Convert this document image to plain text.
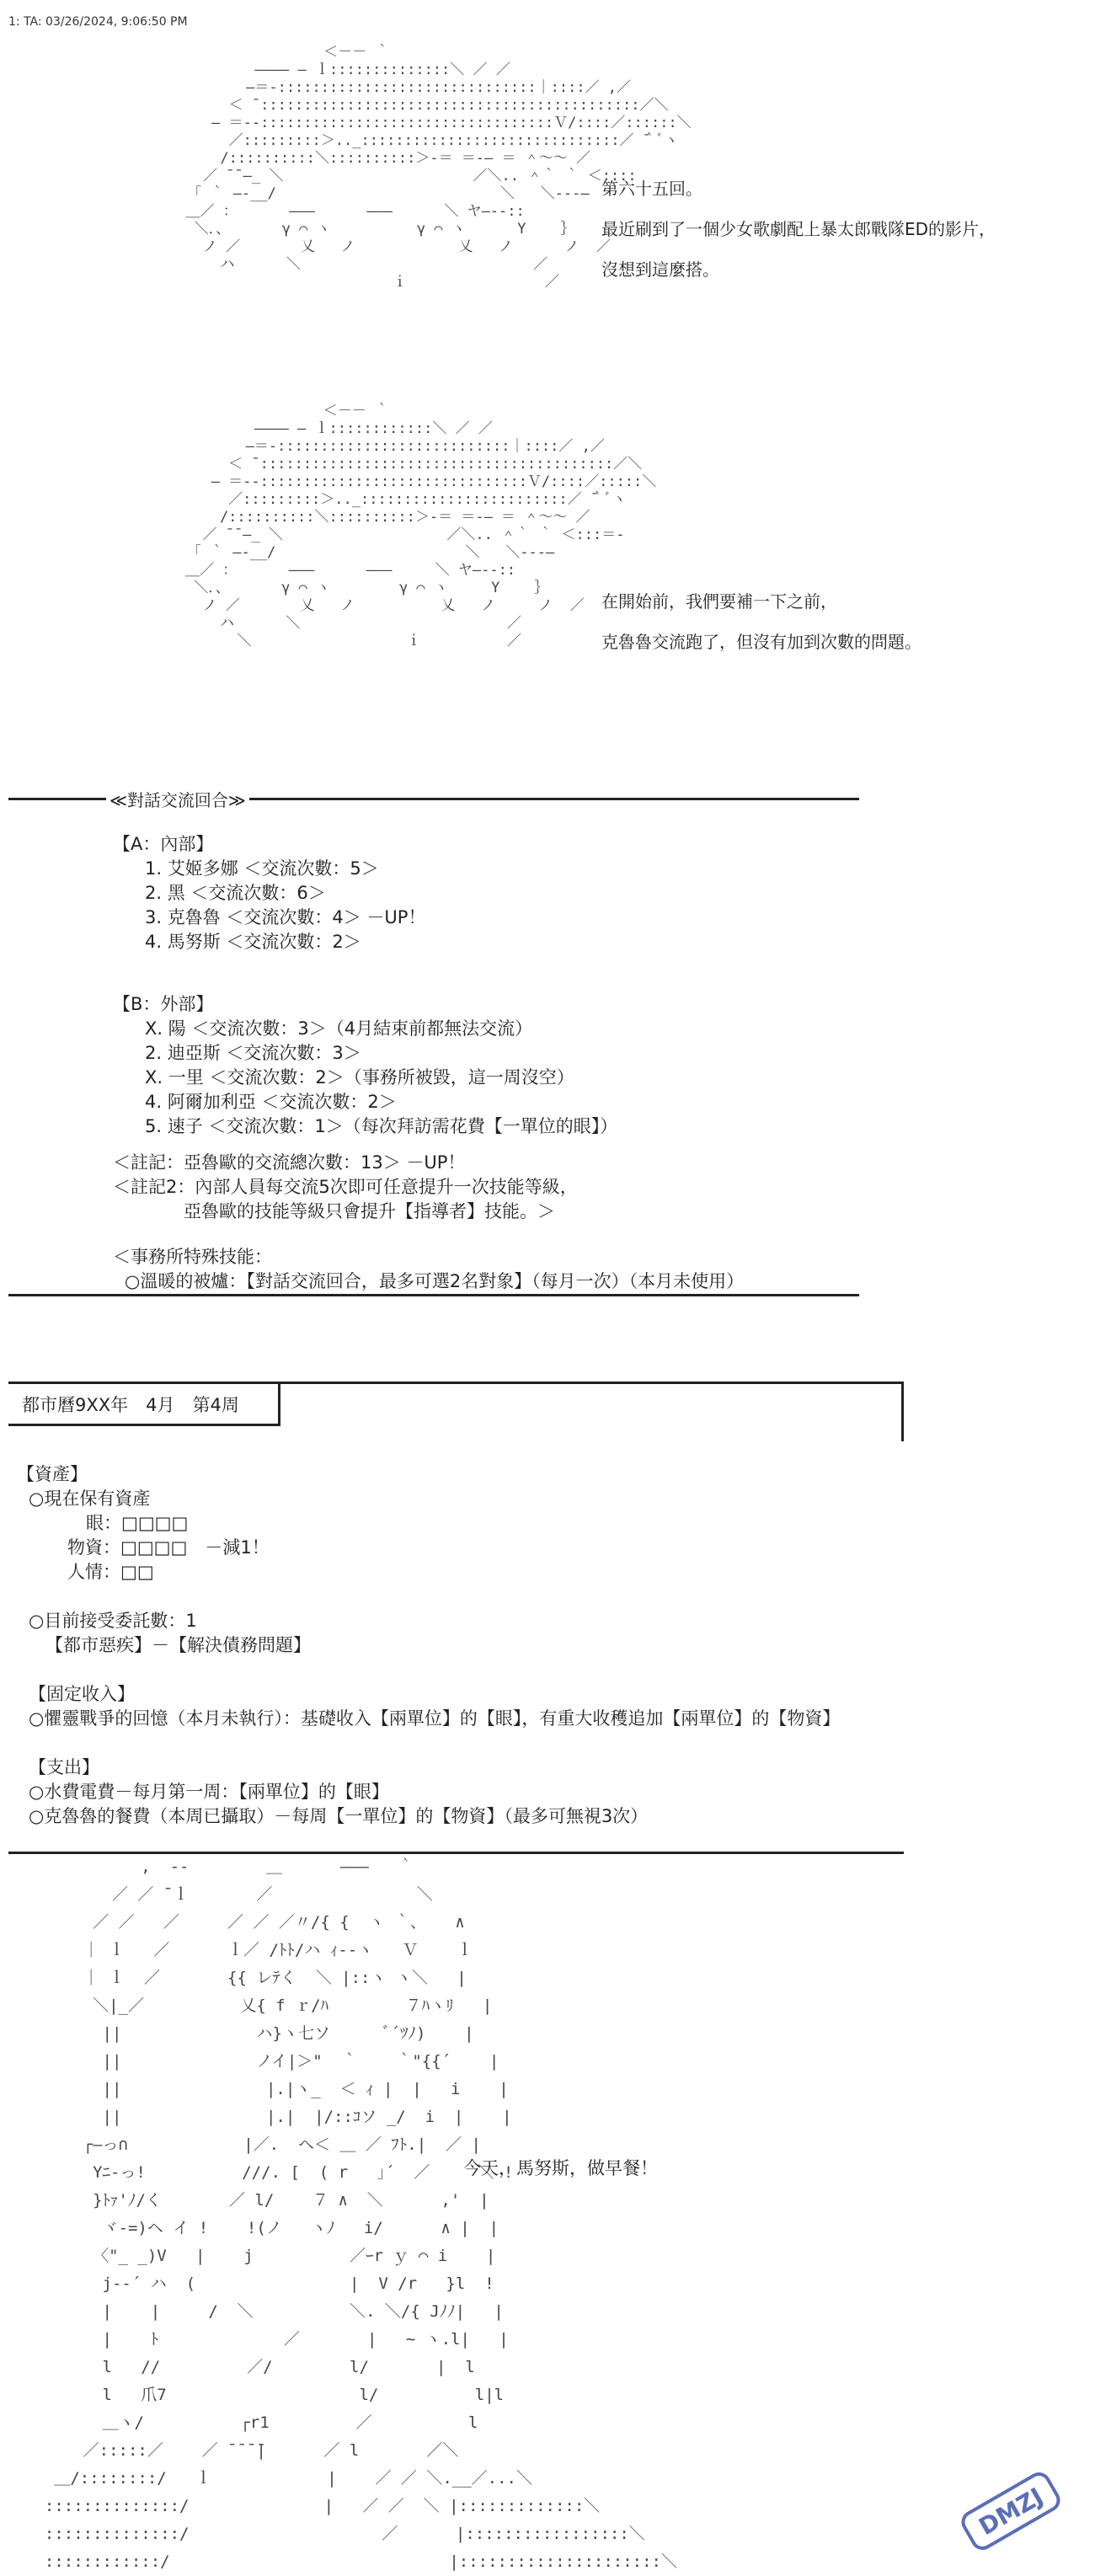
1: TA: 03/26/2024, 9:06:50 PM
＜－－ ｀
―――― ― ｌ::::::::::::::＼ ／ ／
―＝-::::::::::::::::::::::::::::::｜::::／ ,／
＜ ̄ ::::::::::::::::::::::::::::::::::::::::::::／＼
― ＝-‐::::::::::::::::::::::::::::::::::Ｖ/::::／::::::＼
／:::::::::＞.._::::::::::::::::::::::::::::::／ ̄｀ﾞヽ
/::::::::::＼::::::::::＞-＝ ＝‐― ＝ ＾～～ ／
／ ̄ ̄ ―_ ＼                      ／＼.. ＾｀ ｀ ＜::::
｢ ｀ ―‐__/                          ＼   ＼--‐―
＿／ ：      ―――      ―――      ＼ ヤ―‐‐::
＼．、      γ ⌒ ヽ          γ ⌒ ヽ      Y    ｝
ノ ／       乂   ノ            乂   ノ      ノ  ／
ハ      ＼                           ／
ｉ                ／

第六十五回。

最近刷到了一個少女歌劇配上暴太郎戰隊ED的影片，

沒想到這麼搭。

＜－－ ｀
―――― ― ｌ::::::::::::＼ ／ ／
―＝-:::::::::::::::::::::::::::｜::::／ ,／
＜ ̄ :::::::::::::::::::::::::::::::::::::::::／＼
― ＝-‐:::::::::::::::::::::::::::::::Ｖ/::::／:::::＼
／:::::::::＞.._::::::::::::::::::::::::／ ̄｀ﾞヽ
/::::::::::＼::::::::::＞-＝ ＝‐― ＝ ＾～～ ／
／ ̄ ̄ ―_ ＼                   ／＼.. ＾｀ ｀ ＜:::＝-
｢ ｀ ―‐__/                      ＼   ＼--‐―
＿／ ：      ―――      ―――     ＼ ヤ―‐‐::
＼．、      γ ⌒ ヽ        γ ⌒ ヽ     Y    ｝
ノ ／       乂   ノ          乂   ノ     ノ  ／
ハ      ＼                        ／
＼                  ｉ          ／

在開始前，我們要補一下之前，

克魯魯交流跑了，但沒有加到次數的問題。

≪對話交流回合≫
【A：內部】
1. 艾姬多娜 ＜交流次數：5＞
2. 黑 ＜交流次數：6＞
3. 克魯魯 ＜交流次數：4＞ －UP！
4. 馬努斯 ＜交流次數：2＞
【B：外部】
X. 陽 ＜交流次數：3＞（4月結束前都無法交流）
2. 迪亞斯 ＜交流次數：3＞
X. 一里 ＜交流次數：2＞（事務所被毀，這一周沒空）
4. 阿爾加利亞 ＜交流次數：2＞
5. 速子 ＜交流次數：1＞（每次拜訪需花費【一單位的眼】）
＜註記：亞魯歐的交流總次數：13＞ －UP！
＜註記2：內部人員每交流5次即可任意提升一次技能等級，
　　　　亞魯歐的技能等級只會提升【指導者】技能。＞
＜事務所特殊技能：
○溫暖的被爐：【對話交流回合，最多可選2名對象】（每月一次）（本月未使用）
都市曆9XX年　4月　第4周
【資產】
○現在保有資產
眼：□□□□
物資：□□□□　－減1！
人情：□□
○目前接受委託數：1
【都市惡疾】－【解決債務問題】
【固定收入】
○懼靈戰爭的回憶（本月未執行）：基礎收入【兩單位】的【眼】，有重大收穫追加【兩單位】的【物資】
【支出】
○水費電費－每月第一周：【兩單位】的【眼】
○克魯魯的餐費（本周已攝取）－每周【一單位】的【物資】（最多可無視3次）
,  --        ＿      ―――   ｀
／ ／ ̄ ｌ       ／               ＼
／ ／   ／     ／ ／ ／〃/{ {  ヽ ｀、   ∧
｜ ｌ   ／      ｌ／ /ﾄﾄ/ハ ｨ--ヽ   Ｖ    ｌ
｜ ｌ  ／       {{ レﾃく  ＼ |::ヽ ヽ＼   |
＼|_／          乂{ f ｒ/ﾊ        ７ﾊヽﾘ   |
||              ハ}ヽ七ソ      ﾞ´ﾂﾉ)    |
||              ノイ|＞"  ｀    ｀"{{´    |
||               |.|ヽ_  ＜ ｨ |  |   i    |
||               |.|  |/::ｺソ _/  i  |    |
┌―っ∩            |／.  ヘ＜ ＿ ／ ﾌﾄ.|  ／ |
Yﾆ-っ!          ///. [  ( r   ｣´  ／     ＼ !
}ﾄｧ'ﾉ/く       ／ l/    ７ ∧  ＼      ,'  |
ヾ-=)ヘ イ !    !(ノ   ヽﾉ   i/      ∧ |  |
〈"_ _)V   |    j          ／ｰr ｙ ⌒ i    |
j--´ ハ  (                |  V /r   }l  !
|    |     /  ＼          ＼. ＼/{ Jﾉﾉ|   |
|    ﾄ             ／       |   ~ ヽ.l|   |
l   //         ／/        l/       |  l
l   爪7                    l/          l|l
＿ヽ/          ┌r1         ／          l
／:::::／    ／ ̄ ̄ ̄ ̄|      ／ l       ／＼
＿/::::::::/   ｌ            |    ／ ／ ＼.__／...＼
::::::::::::::/              |   ／ ／  ＼ |:::::::::::::＼
::::::::::::::/                    ／      |:::::::::::::::::＼
::::::::::::/                             |:::::::::::::::::::::＼

今天，馬努斯，做早餐！
DMZJ
